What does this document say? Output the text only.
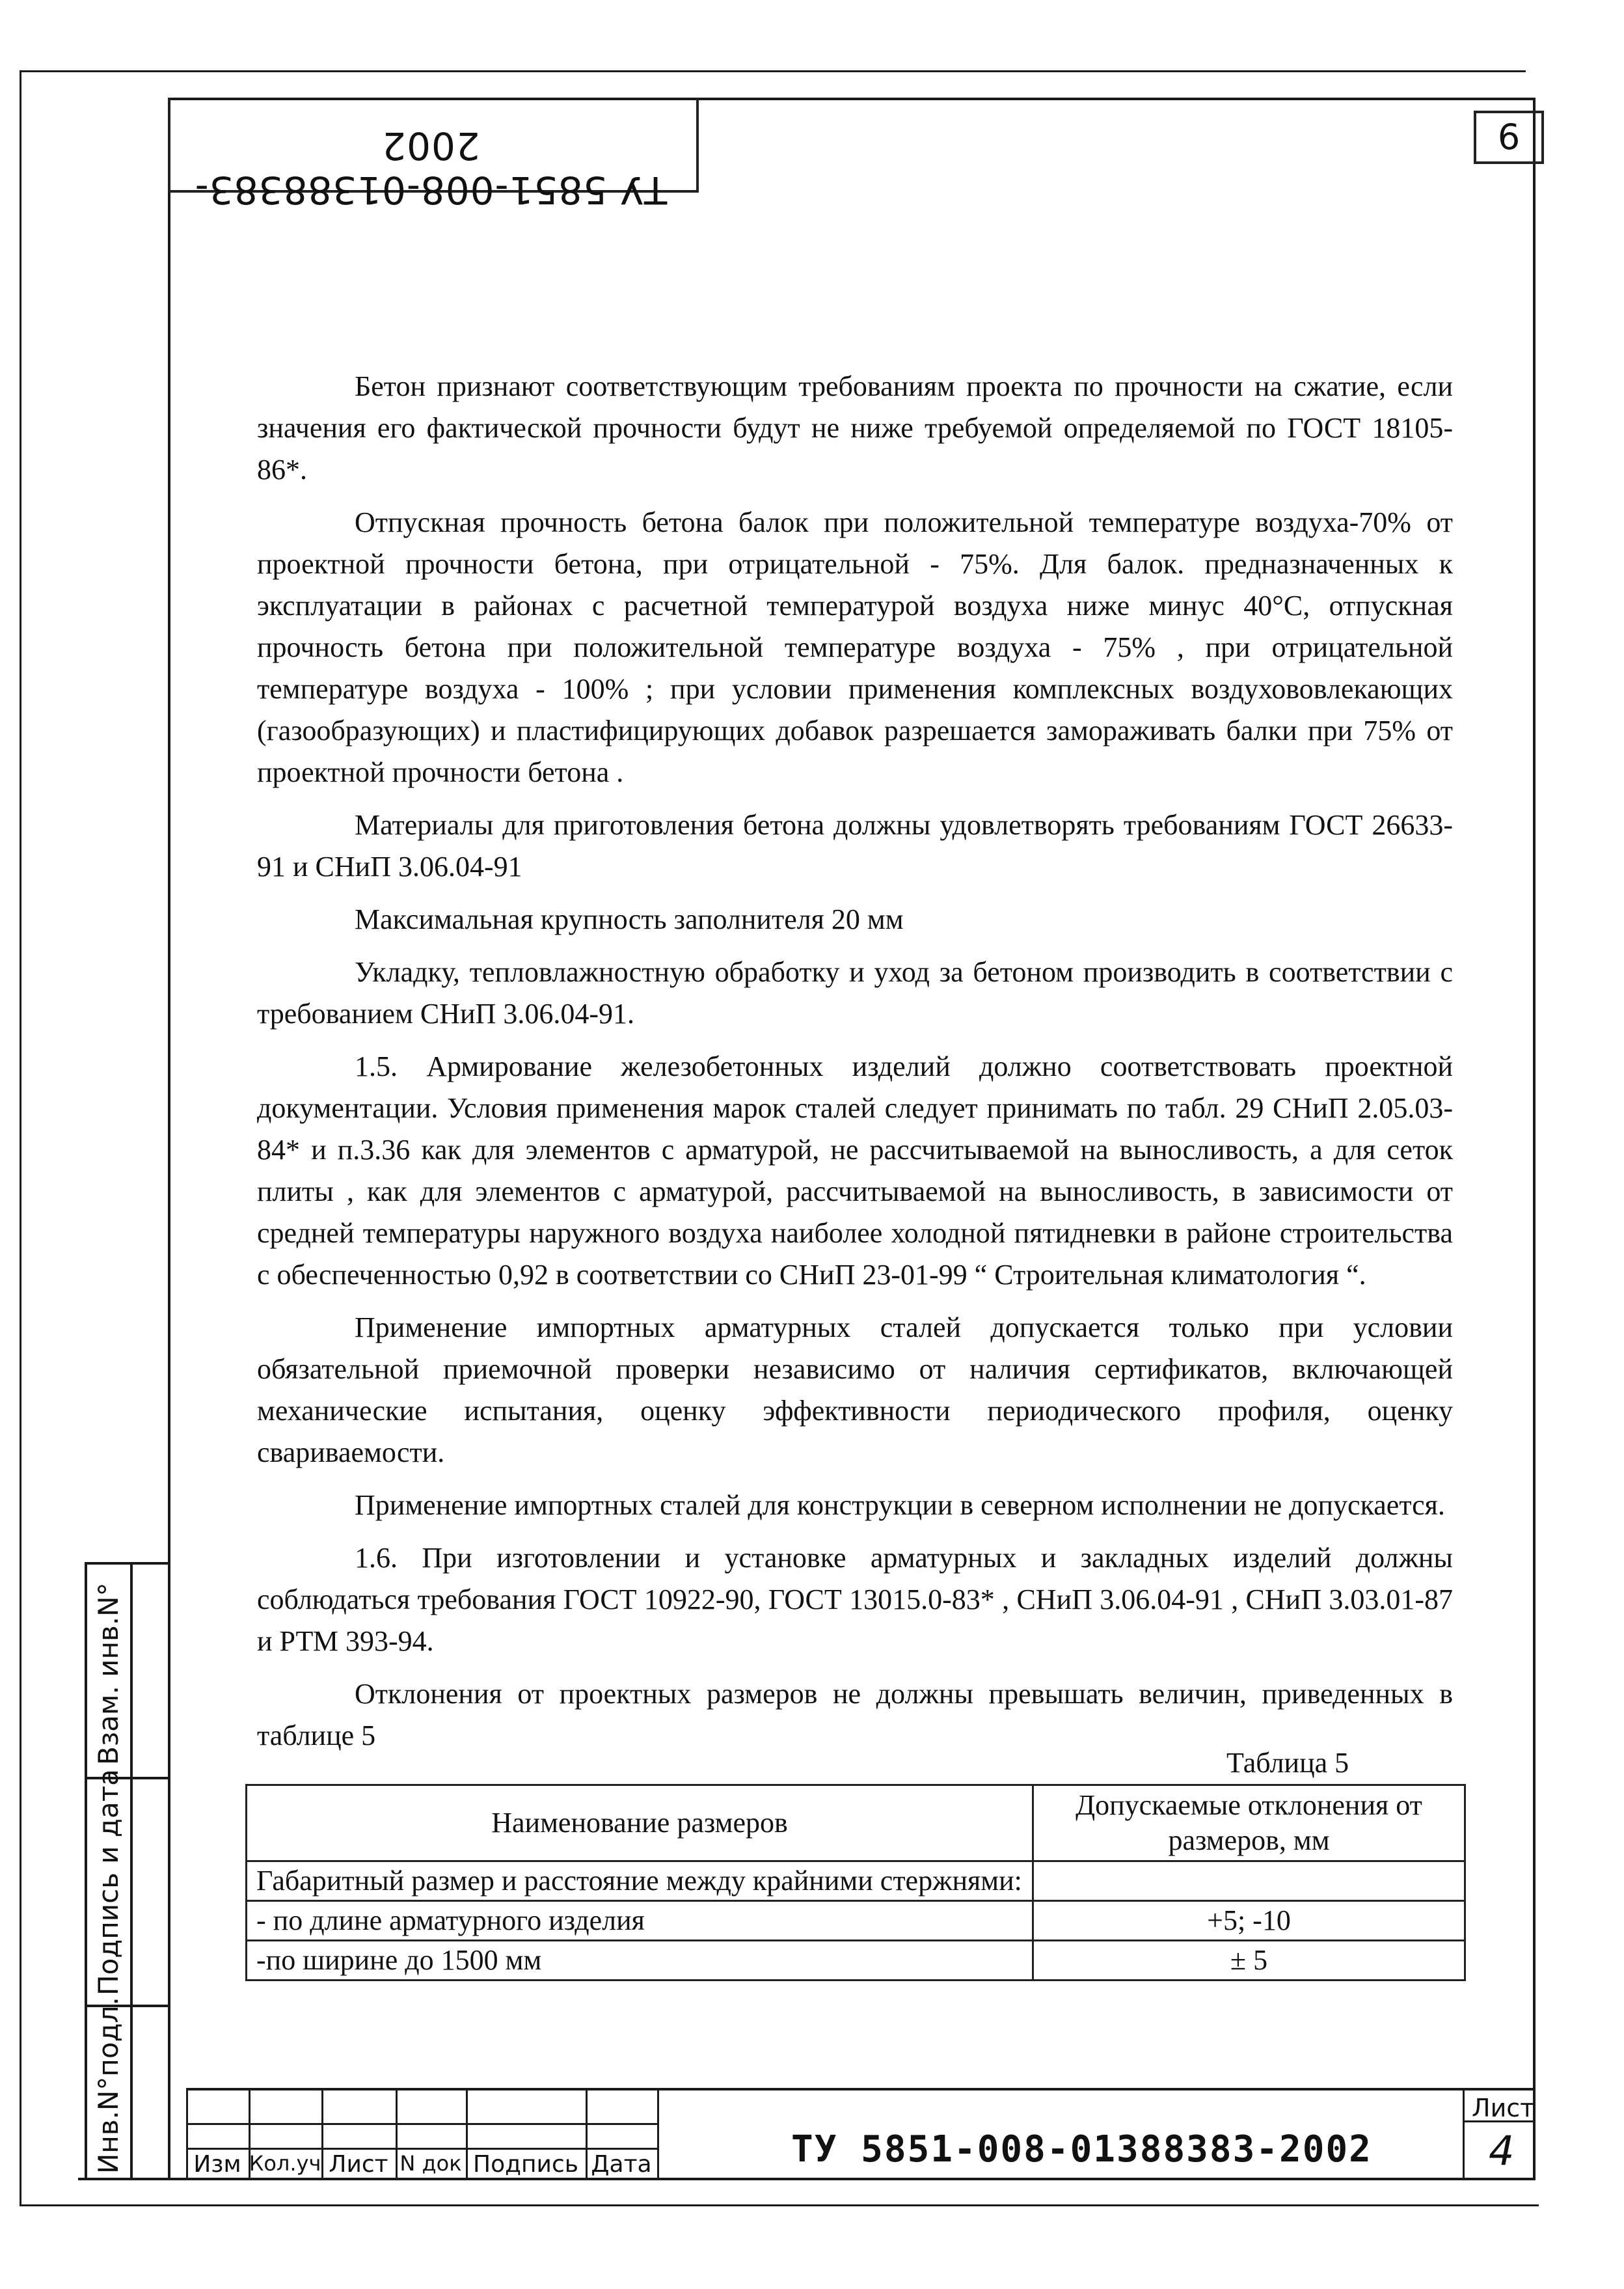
ТУ 5851-008-01388383-2002	6

Бетон признают соответствующим требованиям проекта по прочности на сжатие, если значения его фактической прочности будут не ниже требуемой определяемой по ГОСТ 18105-86*.

Отпускная прочность бетона балок при положительной температуре воздуха-70% от проектной прочности бетона, при отрицательной - 75%. Для балок. предназначенных к эксплуатации в районах с расчетной температурой воздуха ниже минус 40°С, отпускная прочность бетона при положительной температуре воздуха - 75% , при отрицательной температуре воздуха - 100% ; при условии применения комплексных воздухововлекающих (газообразующих) и пластифицирующих добавок разрешается замораживать балки при 75% от проектной прочности бетона .

Материалы для приготовления бетона должны удовлетворять требованиям ГОСТ 26633-91 и СНиП 3.06.04-91

Максимальная крупность заполнителя 20 мм

Укладку, тепловлажностную обработку и уход за бетоном производить в соответствии с требованием СНиП 3.06.04-91.

1.5. Армирование железобетонных изделий должно соответствовать проектной документации. Условия применения марок сталей следует принимать по табл. 29 СНиП 2.05.03-84* и п.3.36 как для элементов с арматурой, не рассчитываемой на выносливость, а для сеток плиты , как для элементов с арматурой, рассчитываемой на выносливость, в зависимости от средней температуры наружного воздуха наиболее холодной пятидневки в районе строительства с обеспеченностью 0,92 в соответствии со СНиП 23-01-99 “ Строительная климатология “.

Применение импортных арматурных сталей допускается только при условии обязательной приемочной проверки независимо от наличия сертификатов, включающей механические испытания, оценку эффективности периодического профиля, оценку свариваемости.

Применение импортных сталей для конструкции в северном исполнении не допускается.

1.6. При изготовлении и установке арматурных и закладных изделий должны соблюдаться требования ГОСТ 10922-90, ГОСТ 13015.0-83* , СНиП 3.06.04-91 , СНиП 3.03.01-87 и РТМ 393-94.

Отклонения от проектных размеров не должны превышать величин, приведенных в таблице 5

Таблица 5
Наименование размеров	Допускаемые отклонения от размеров, мм
Габаритный размер и расстояние между крайними стержнями:	
- по длине арматурного изделия	+5; -10
-по ширине до 1500 мм	± 5
Взам. инв.N°
Подпись и дата
Инв.N°подл.	Изм Кол.уч Лист N док Подпись Дата	ТУ 5851-008-01388383-2002
Лист
4
